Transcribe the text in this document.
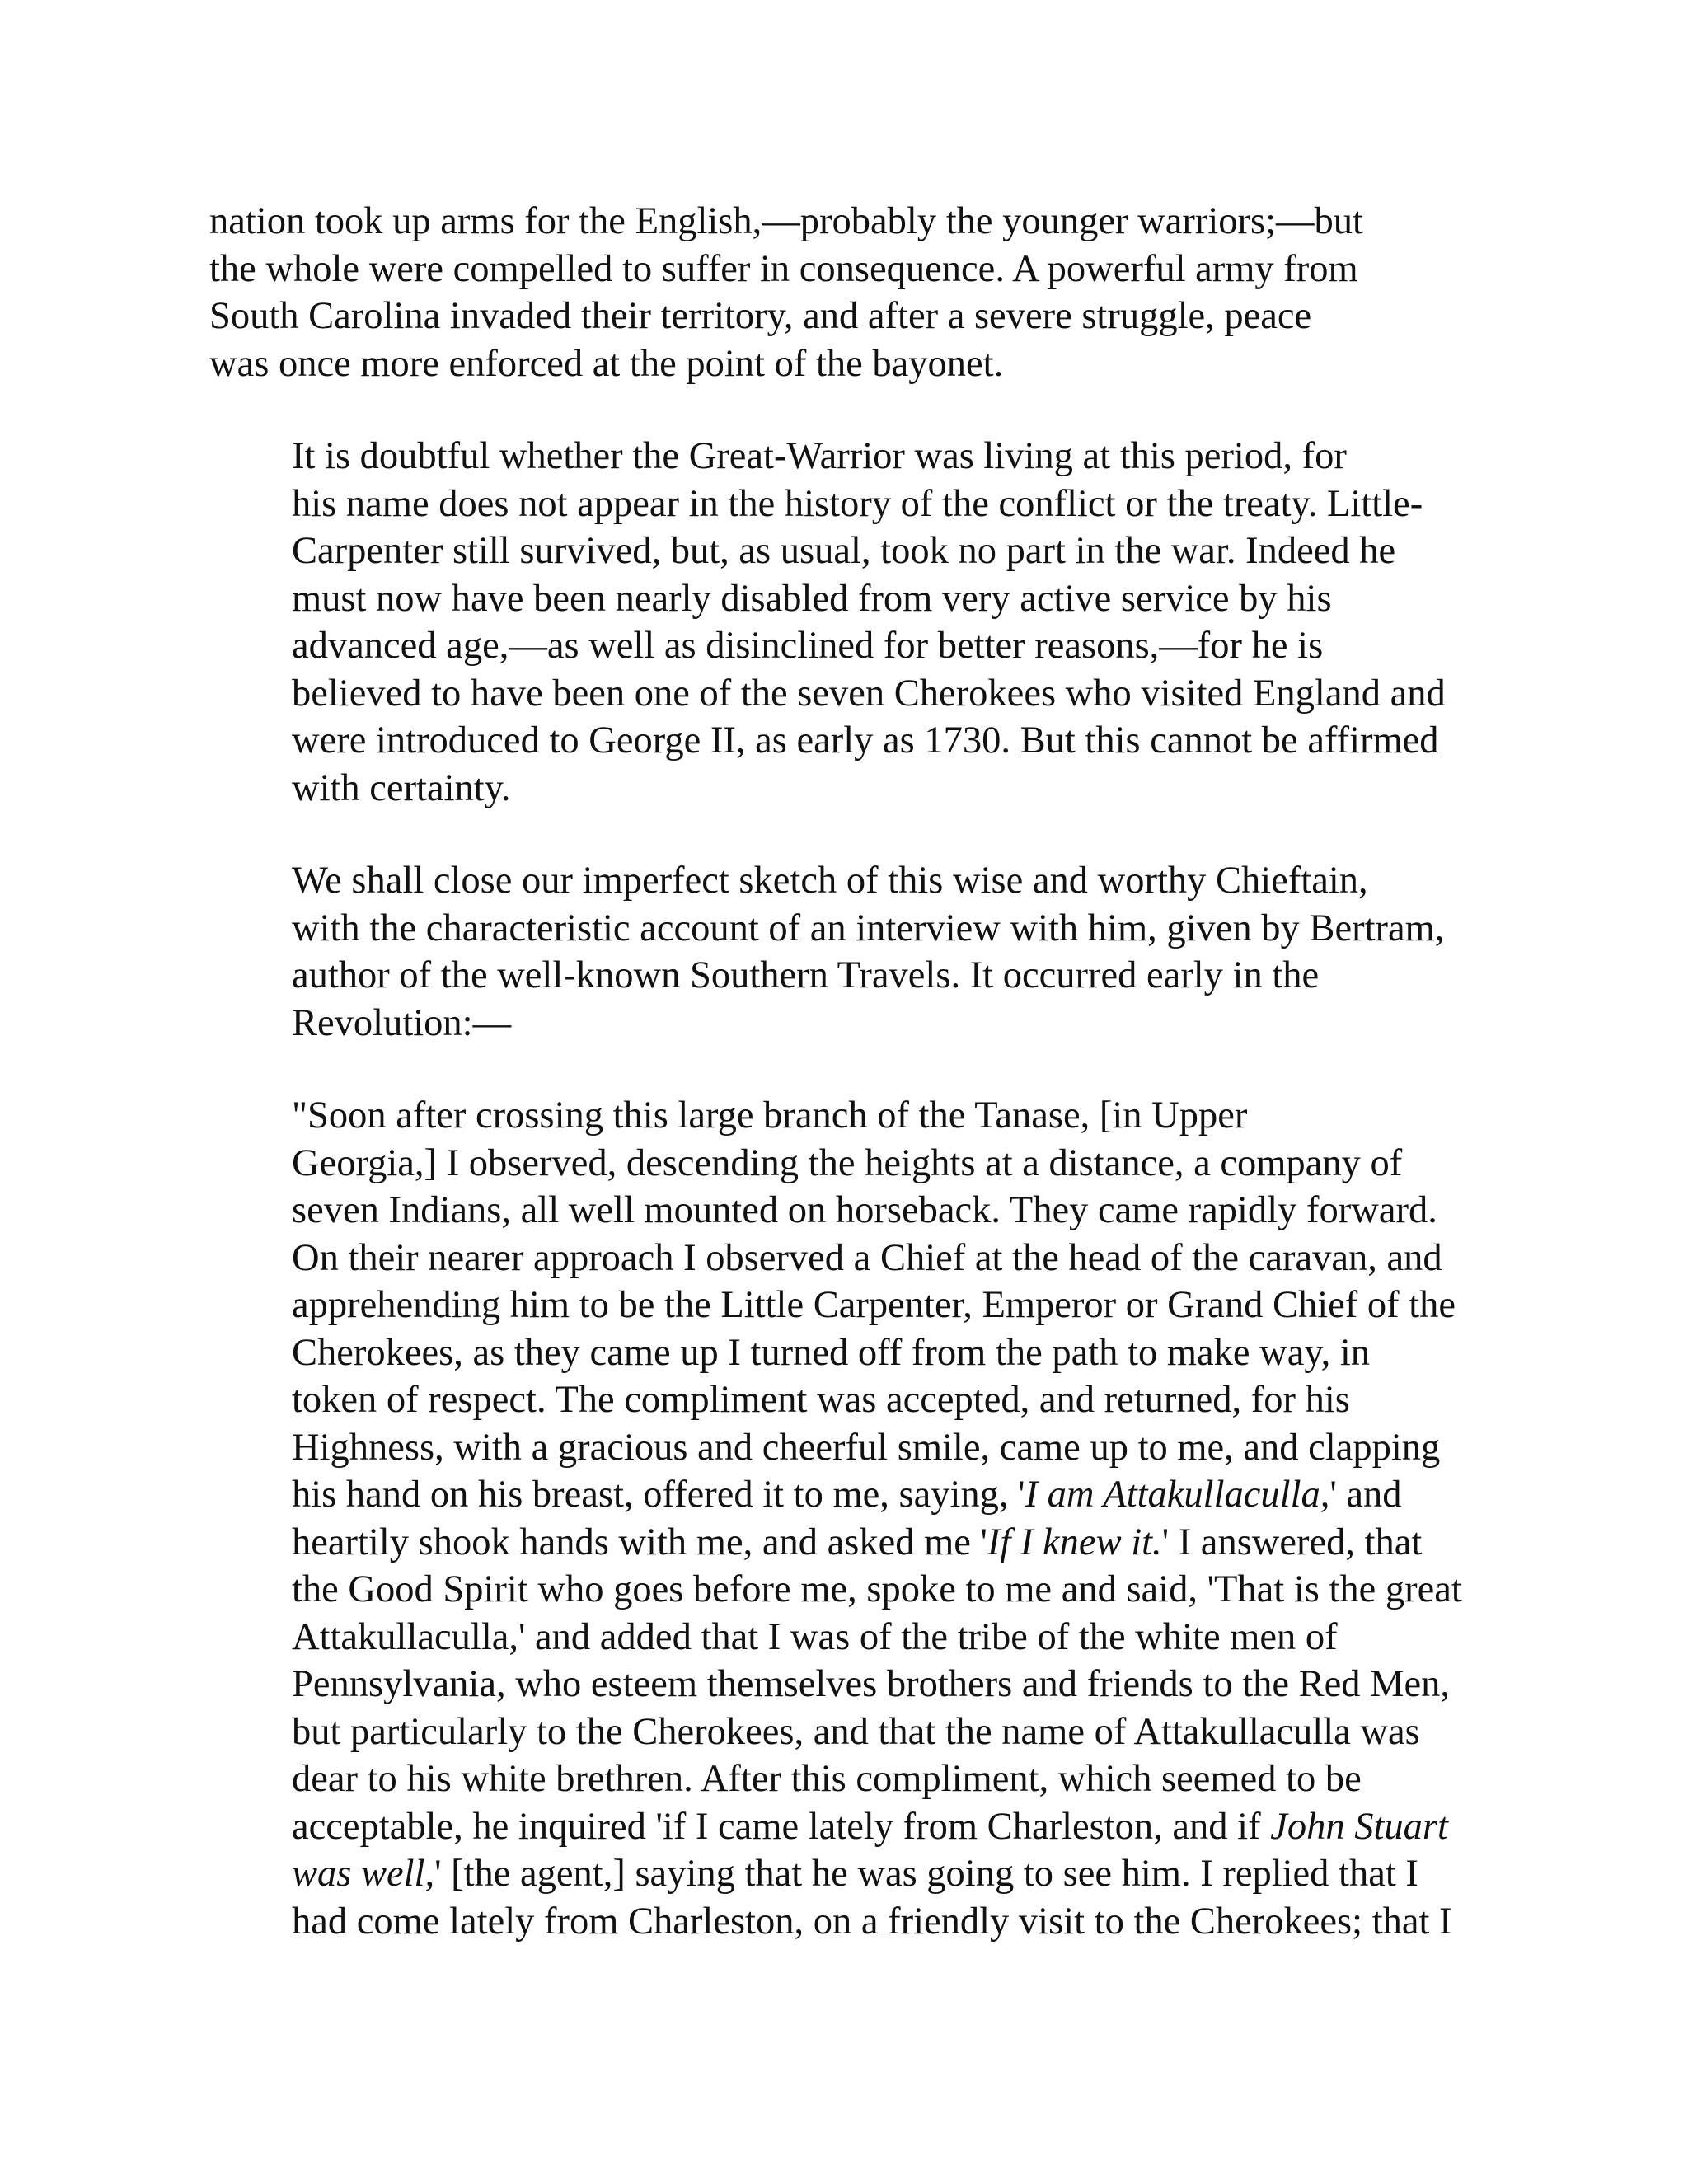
nation took up arms for the English,—probably the younger warriors;—but
the whole were compelled to suffer in consequence. A powerful army from
South Carolina invaded their territory, and after a severe struggle, peace
was once more enforced at the point of the bayonet.
It is doubtful whether the Great-Warrior was living at this period, for
his name does not appear in the history of the conflict or the treaty. Little-
Carpenter still survived, but, as usual, took no part in the war. Indeed he
must now have been nearly disabled from very active service by his
advanced age,—as well as disinclined for better reasons,—for he is
believed to have been one of the seven Cherokees who visited England and
were introduced to George II, as early as 1730. But this cannot be affirmed
with certainty.
We shall close our imperfect sketch of this wise and worthy Chieftain,
with the characteristic account of an interview with him, given by Bertram,
author of the well-known Southern Travels. It occurred early in the
Revolution:—
"Soon after crossing this large branch of the Tanase, [in Upper
Georgia,] I observed, descending the heights at a distance, a company of
seven Indians, all well mounted on horseback. They came rapidly forward.
On their nearer approach I observed a Chief at the head of the caravan, and
apprehending him to be the Little Carpenter, Emperor or Grand Chief of the
Cherokees, as they came up I turned off from the path to make way, in
token of respect. The compliment was accepted, and returned, for his
Highness, with a gracious and cheerful smile, came up to me, and clapping
his hand on his breast, offered it to me, saying, 'I am Attakullaculla,' and
heartily shook hands with me, and asked me 'If I knew it.' I answered, that
the Good Spirit who goes before me, spoke to me and said, 'That is the great
Attakullaculla,' and added that I was of the tribe of the white men of
Pennsylvania, who esteem themselves brothers and friends to the Red Men,
but particularly to the Cherokees, and that the name of Attakullaculla was
dear to his white brethren. After this compliment, which seemed to be
acceptable, he inquired 'if I came lately from Charleston, and if John Stuart
was well,' [the agent,] saying that he was going to see him. I replied that I
had come lately from Charleston, on a friendly visit to the Cherokees; that I
